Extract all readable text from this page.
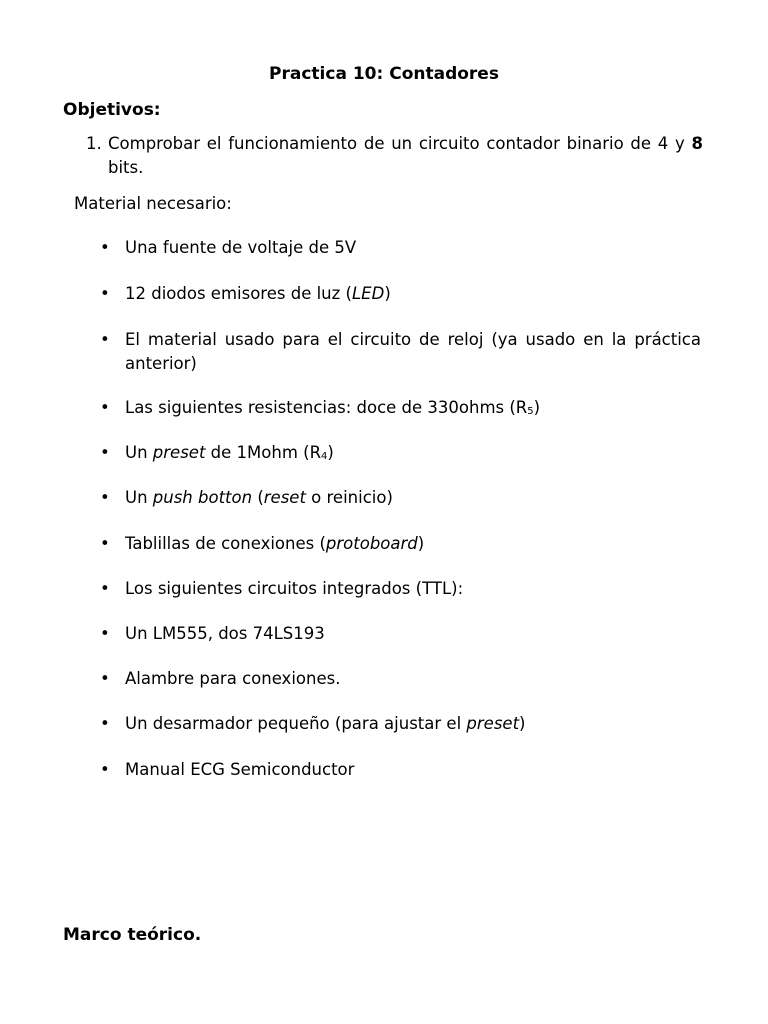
Practica 10: Contadores
Objetivos:
1. Comprobar el funcionamiento de un circuito contador binario de 4 y 8 bits.
Material necesario:
• Una fuente de voltaje de 5V
• 12 diodos emisores de luz (LED)
• El material usado para el circuito de reloj (ya usado en la práctica anterior)
• Las siguientes resistencias: doce de 330ohms $(R_5)$
• Un preset de 1Mohm $(R_4)$
• Un push botton (reset o reinicio)
• Tablillas de conexiones (protoboard)
• Los siguientes circuitos integrados (TTL):
• Un LM555, dos 74LS193
• Alambre para conexiones.
• Un desarmador pequeño (para ajustar el preset)
• Manual ECG Semiconductor
Marco teórico.
